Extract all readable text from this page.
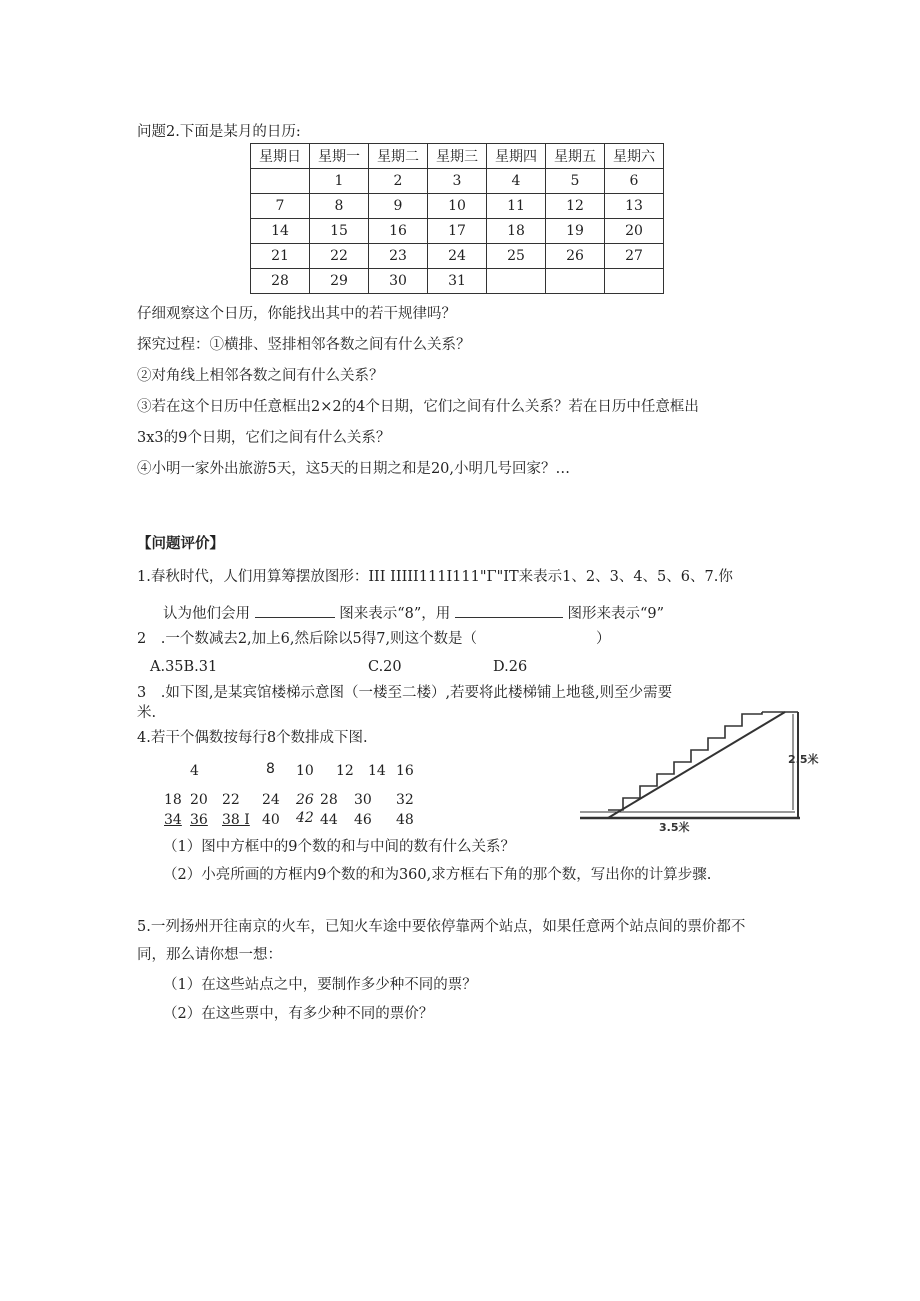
问题2.下面是某月的日历:
星期日	星期一	星期二	星期三	星期四	星期五	星期六
	1	2	3	4	5	6
7	8	9	10	11	12	13
14	15	16	17	18	19	20
21	22	23	24	25	26	27
28	29	30	31			
仔细观察这个日历，你能找出其中的若干规律吗？
探究过程：①横排、竖排相邻各数之间有什么关系？
②对角线上相邻各数之间有什么关系？
③若在这个日历中任意框出2×2的4个日期，它们之间有什么关系？若在日历中任意框出
3x3的9个日期，它们之间有什么关系？
④小明一家外出旅游5天，这5天的日期之和是20,小明几号回家？…
【问题评价】
1.春秋时代，人们用算筹摆放图形：III IIIII111I111"Γ"IT来表示1、2、3、4、5、6、7.你
认为他们会用	图来表示“8”，用	图形来表示“9”
2　.一个数减去2,加上6,然后除以5得7,则这个数是（	）
A.35B.31	C.20	D.26
3　.如下图,是某宾馆楼梯示意图（一楼至二楼）,若要将此楼梯铺上地毯,则至少需要
米.
4.若干个偶数按每行8个数排成下图.
4	8 10 12 14 16
18 20 22 24 26 28 30 32
34 36 38 I 40 42 44 46 48
（1）图中方框中的9个数的和与中间的数有什么关系？
（2）小亮所画的方框内9个数的和为360,求方框右下角的那个数，写出你的计算步骤.
2.5米
3.5米
5.一列扬州开往南京的火车，已知火车途中要依停靠两个站点，如果任意两个站点间的票价都不
同，那么请你想一想：
（1）在这些站点之中，要制作多少种不同的票？
（2）在这些票中，有多少种不同的票价？
